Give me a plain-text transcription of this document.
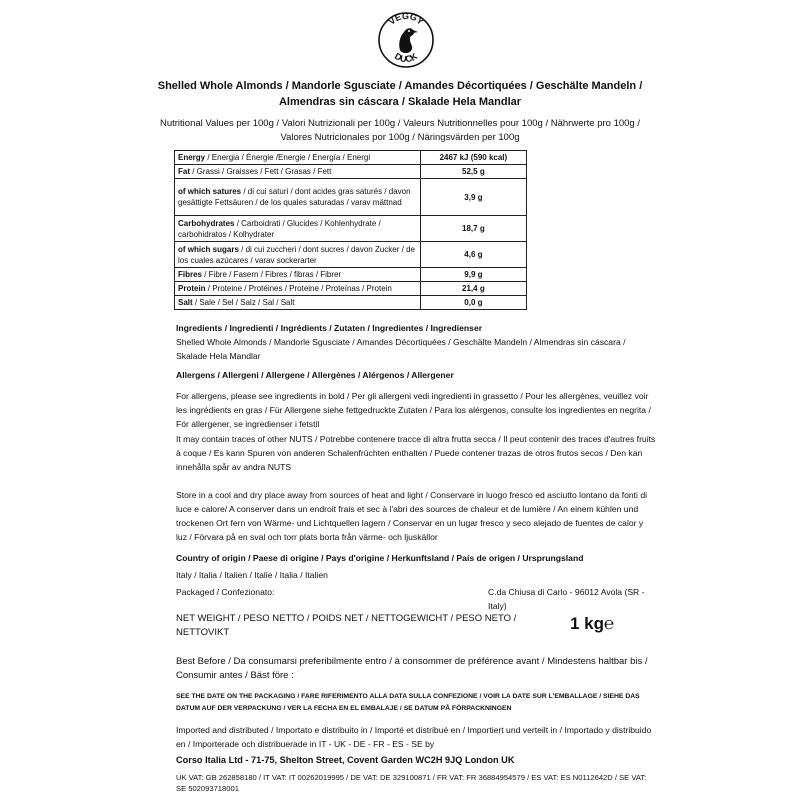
VEGGY
DUCK
Shelled Whole Almonds / Mandorle Sgusciate / Amandes Décortiquées / Geschälte Mandeln / Almendras sin cáscara / Skalade Hela Mandlar
Nutritional Values per 100g / Valori Nutrizionali per 100g / Valeurs Nutritionnelles pour 100g / Nährwerte pro 100g / Valores Nutricionales por 100g / Näringsvärden per 100g
Energy / Energia / Énergie /Energie / Energía / Energi	2467 kJ (590 kcal)
Fat / Grassi / Graisses / Fett / Grasas / Fett	52,5 g
of which satures / di cui saturi / dont acides gras saturés / davon gesättigte Fettsäuren / de los quales saturadas / varav mättnad	3,9 g
Carbohydrates / Carboidrati / Glucides / Kohlenhydrate / carbohidratos / Kolhydrater	18,7 g
of which sugars / di cui zuccheri / dont sucres / davon Zucker / de los cuales azúcares / varav sockerarter	4,6 g
Fibres / Fibre / Fasern / Fibres / fibras / Fibrer	9,9 g
Protein / Proteine / Protéines / Proteine / Proteínas / Protein	21,4 g
Salt / Sale / Sel / Salz / Sal / Salt	0,0 g
Ingredients / Ingredienti / Ingrédients / Zutaten / Ingredientes / Ingredienser
Shelled Whole Almonds / Mandorle Sgusciate / Amandes Décortiquées / Geschälte Mandeln / Almendras sin cáscara / Skalade Hela Mandlar
Allergens / Allergeni / Allergene / Allergènes / Alérgenos / Allergener
For allergens, please see ingredients in bold / Per gli allergeni vedi ingredienti in grassetto / Pour les allergènes, veuillez voir les ingrédients en gras / Für Allergene siehe fettgedruckte Zutaten / Para los alérgenos, consulte los ingredientes en negrita / För allergener, se ingredienser i fetstil
It may contain traces of other NUTS / Potrebbe contenere tracce di altra frutta secca / Il peut contenir des traces d'autres fruits à coque / Es kann Spuren von anderen Schalenfrüchten enthalten / Puede contener trazas de otros frutos secos / Den kan innehålla spår av andra NUTS
Store in a cool and dry place away from sources of heat and light / Conservare in luogo fresco ed asciutto lontano da fonti di luce e calore/ A conserver dans un endroit frais et sec à l'abri des sources de chaleur et de lumière / An einem kühlen und trockenen Ort fern von Wärme- und Lichtquellen lagern / Conservar en un lugar fresco y seco alejado de fuentes de calor y luz / Förvara på en sval och torr plats borta från värme- och ljuskällor
Country of origin / Paese di origine / Pays d'origine / Herkunftsland / País de origen / Ursprungsland
Italy / Italia / Italien / Italie / Italia / Italien
Packaged / Confezionato:	C.da Chiusa di Carlo - 96012 Avola (SR - Italy)
NET WEIGHT / PESO NETTO / POIDS NET / NETTOGEWICHT / PESO NETO / NETTOVIKT	1 kg℮
Best Before / Da consumarsi preferibilmente entro / à consommer de préférence avant / Mindestens haltbar bis / Consumir antes / Bäst före :
SEE THE DATE ON THE PACKAGING / FARE RIFERIMENTO ALLA DATA SULLA CONFEZIONE / VOIR LA DATE SUR L'EMBALLAGE / SIEHE DAS DATUM AUF DER VERPACKUNG / VER LA FECHA EN EL EMBALAJE / SE DATUM PÅ FÖRPACKNINGEN
Imported and distributed / Importato e distribuito in / Importé et distribué en / Importiert und verteilt in / Importado y distribuido en / Importerade och distribuerade in IT - UK - DE - FR - ES - SE by
Corso Italia Ltd - 71-75, Shelton Street, Covent Garden WC2H 9JQ London UK
UK VAT: GB 262858180 / IT VAT: IT 00262019995 / DE VAT: DE 329100871 / FR VAT: FR 36884954579 / ES VAT: ES N0112642D / SE VAT: SE 502093718001
